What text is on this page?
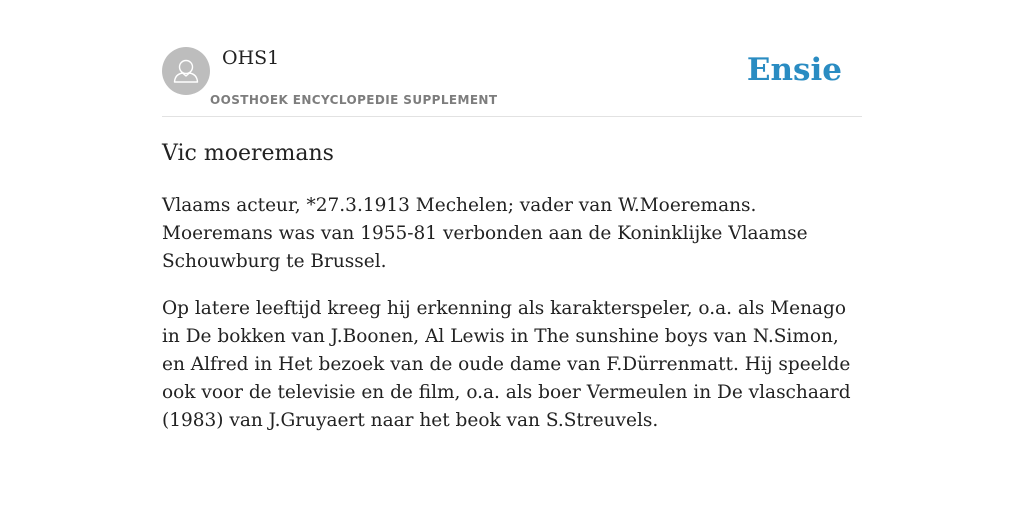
OHS1
OOSTHOEK ENCYCLOPEDIE SUPPLEMENT
Ensie
Vic moeremans

Vlaams acteur, *27.3.1913 Mechelen; vader van W.Moeremans. Moeremans was van 1955-81 verbonden aan de Koninklijke Vlaamse Schouwburg te Brussel.

Op latere leeftijd kreeg hij erkenning als karakterspeler, o.a. als Menago in De bokken van J.Boonen, Al Lewis in The sunshine boys van N.Simon, en Alfred in Het bezoek van de oude dame van F.Dürrenmatt. Hij speelde ook voor de televisie en de film, o.a. als boer Vermeulen in De vlaschaard (1983) van J.Gruyaert naar het beok van S.Streuvels.
